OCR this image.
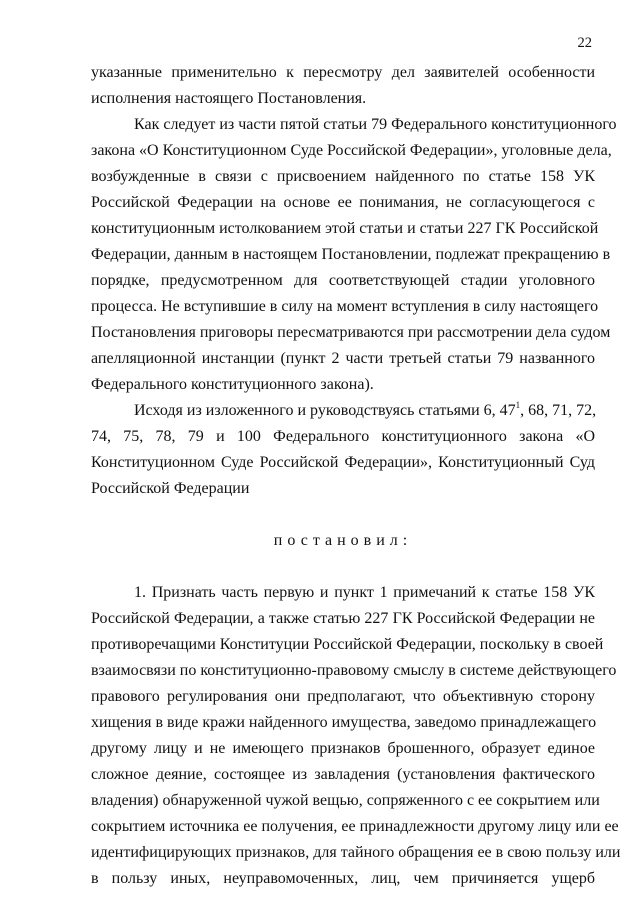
22
указанные применительно к пересмотру дел заявителей особенности
исполнения настоящего Постановления.
Как следует из части пятой статьи 79 Федерального конституционного
закона «О Конституционном Суде Российской Федерации», уголовные дела,
возбужденные в связи с присвоением найденного по статье 158 УК
Российской Федерации на основе ее понимания, не согласующегося с
конституционным истолкованием этой статьи и статьи 227 ГК Российской
Федерации, данным в настоящем Постановлении, подлежат прекращению в
порядке, предусмотренном для соответствующей стадии уголовного
процесса. Не вступившие в силу на момент вступления в силу настоящего
Постановления приговоры пересматриваются при рассмотрении дела судом
апелляционной инстанции (пункт 2 части третьей статьи 79 названного
Федерального конституционного закона).
Исходя из изложенного и руководствуясь статьями 6, $47^1$, 68, 71, 72,
74, 75, 78, 79 и 100 Федерального конституционного закона «О
Конституционном Суде Российской Федерации», Конституционный Суд
Российской Федерации
постановил:
1. Признать часть первую и пункт 1 примечаний к статье 158 УК
Российской Федерации, а также статью 227 ГК Российской Федерации не
противоречащими Конституции Российской Федерации, поскольку в своей
взаимосвязи по конституционно-правовому смыслу в системе действующего
правового регулирования они предполагают, что объективную сторону
хищения в виде кражи найденного имущества, заведомо принадлежащего
другому лицу и не имеющего признаков брошенного, образует единое
сложное деяние, состоящее из завладения (установления фактического
владения) обнаруженной чужой вещью, сопряженного с ее сокрытием или
сокрытием источника ее получения, ее принадлежности другому лицу или ее
идентифицирующих признаков, для тайного обращения ее в свою пользу или
в пользу иных, неуправомоченных, лиц, чем причиняется ущерб
